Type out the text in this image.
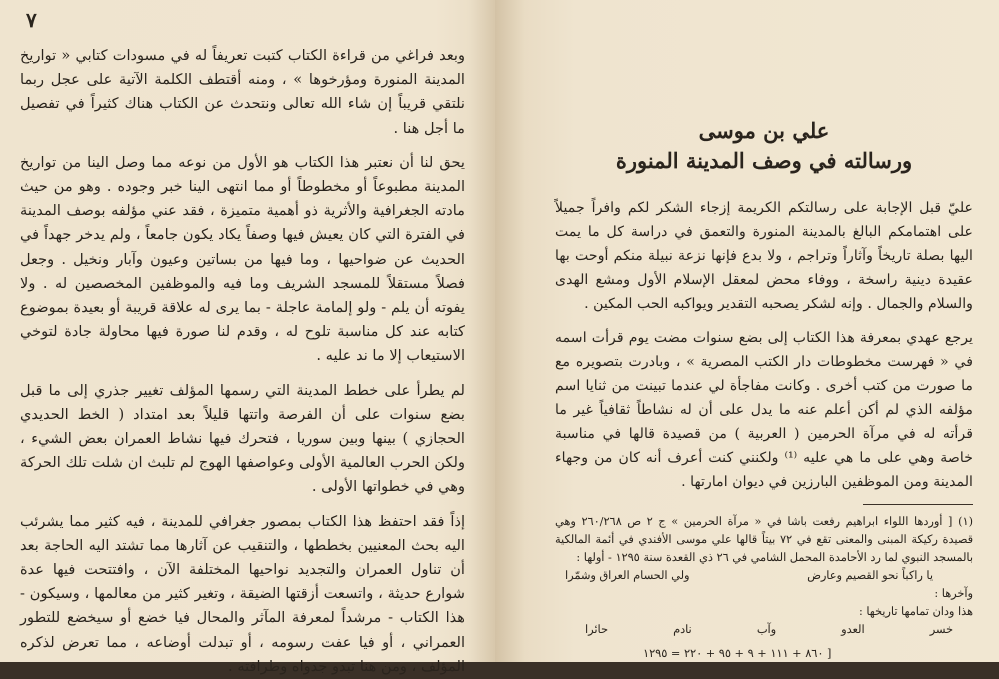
٧

وبعد فراغي من قراءة الكتاب كتبت تعريفاً له في مسودات كتابي « تواريخ المدينة المنورة ومؤرخوها » ، ومنه أقتطف الكلمة الآتية على عجل ربما نلتقي قريباً إن شاء الله تعالى ونتحدث عن الكتاب هناك كثيراً في تفصيل ما أجل هنا .

يحق لنا أن نعتبر هذا الكتاب هو الأول من نوعه مما وصل الينا من تواريخ المدينة مطبوعاً أو مخطوطاً أو مما انتهى الينا خبر وجوده . وهو من حيث مادته الجغرافية والأثرية ذو أهمية متميزة ، فقد عني مؤلفه بوصف المدينة في الفترة التي كان يعيش فيها وصفاً يكاد يكون جامعاً ، ولم يدخر جهداً في الحديث عن ضواحيها ، وما فيها من بساتين وعيون وآبار ونخيل . وجعل فصلاً مستقلاً للمسجد الشريف وما فيه والموظفين المخصصين له . ولا يفوته أن يلم - ولو إلمامة عاجلة - بما يرى له علاقة قريبة أو بعيدة بموضوع كتابه عند كل مناسبة تلوح له ، وقدم لنا صورة فيها محاولة جادة لتوخي الاستيعاب إلا ما ند عليه .

لم يطرأ على خطط المدينة التي رسمها المؤلف تغيير جذري إلى ما قبل بضع سنوات على أن الفرصة واتتها قليلاً بعد امتداد ( الخط الحديدي الحجازي ) بينها وبين سوريا ، فتحرك فيها نشاط العمران بعض الشيء ، ولكن الحرب العالمية الأولى وعواصفها الهوج لم تلبث ان شلت تلك الحركة وهي في خطواتها الأولى .

إذاً فقد احتفظ هذا الكتاب بمصور جغرافي للمدينة ، فيه كثير مما يشرئب اليه بحث المعنيين بخططها ، والتنقيب عن آثارها مما تشتد اليه الحاجة بعد أن تناول العمران والتجديد نواحيها المختلفة الآن ، وافتتحت فيها عدة شوارع حديثة ، واتسعت أزقتها الضيقة ، وتغير كثير من معالمها ، وسيكون - هذا الكتاب - مرشداً لمعرفة المآثر والمحال فيا خضع أو سيخضع للتطور العمراني ، أو فيا عفت رسومه ، أو تبدلت أوضاعه ، مما تعرض لذكره المؤلف ، ومن هنا تبدو جدواه وطرافته .

علي بن موسى
ورسالته في وصف المدينة المنورة

عليّ قبل الإجابة على رسالتكم الكريمة إزجاء الشكر لكم وافراً جميلاً على اهتمامكم البالغ بالمدينة المنورة والتعمق في دراسة كل ما يمت اليها بصلة تاريخاً وآثاراً وتراجم ، ولا بدع فإنها نزعة نبيلة منكم أوحت بها عقيدة دينية راسخة ، ووفاء محض لمعقل الإسلام الأول ومشع الهدى والسلام والجمال . وإنه لشكر يصحبه التقدير ويواكبه الحب المكين .

يرجع عهدي بمعرفة هذا الكتاب إلى بضع سنوات مضت يوم قرأت اسمه في « فهرست مخطوطات دار الكتب المصرية » ، وبادرت بتصويره مع ما صورت من كتب أخرى . وكانت مفاجأة لي عندما تبينت من ثنايا اسم مؤلفه الذي لم أكن أعلم عنه ما يدل على أن له نشاطاً ثقافياً غير ما قرأته له في مرآة الحرمين ( العربية ) من قصيدة قالها في مناسبة خاصة وهي على ما هي عليه ⁽¹⁾ ولكنني كنت أعرف أنه كان من وجهاء المدينة ومن الموظفين البارزين في ديوان امارتها .

(١) [ أوردها اللواء ابراهيم رفعت باشا في « مرآة الحرمين » ج ٢ ص ٢٦٠/٢٦٨ وهي قصيدة ركيكة المبنى والمعنى تقع في ٧٢ بيتاً قالها علي موسى الأفندي في أئمة المالكية بالمسجد النبوي لما رد الأحامدة المحمل الشامي في ٢٦ ذي القعدة سنة ١٢٩٥ - أولها :

يا راكباً نحو القصيم وعارض
ولي الحسام العراق وشمّرا

وآخرها :

هذا ودان تمامها تاريخها :

خسر
العدو
وآب
نادم
حائرا
٨٦٠ + ١١١ + ٩ + ٩٥ + ٢٢٠ = ١٢٩٥ ]
